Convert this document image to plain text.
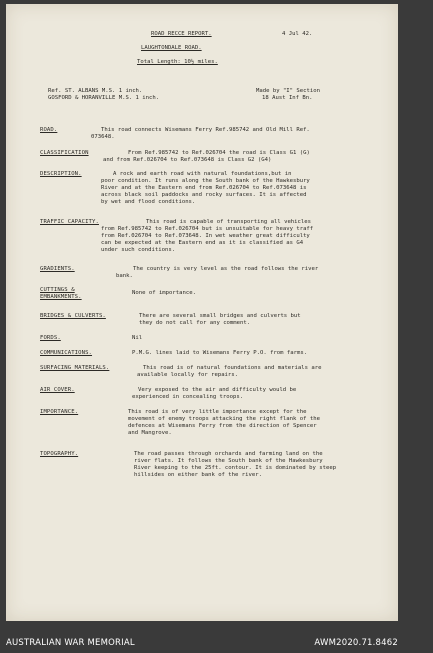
ROAD RECCE REPORT.	4 Jul 42.
LAUGHTONDALE ROAD.
Total Length: 10½ miles.
Ref. ST. ALBANS M.S. 1 inch.
GOSFORD & HORANVILLE M.S. 1 inch.
Made by "I" Section
18 Aust Inf Bn.
ROAD.	This road connects Wisemans Ferry Ref.985742 and Old Mill Ref.
073648.
CLASSIFICATION	From Ref.985742 to Ref.026704 the road is Class G1 (G)
and from Ref.026704 to Ref.073648 is Class G2 (G4)
DESCRIPTION.	A rock and earth road with natural foundations,but in
poor condition. It runs along the South bank of the Hawkesbury
River and at the Eastern end from Ref.026704 to Ref.073648 is
across black soil paddocks and rocky surfaces. It is affected
by wet and flood conditions.
TRAFFIC CAPACITY.	This road is capable of transporting all vehicles
from Ref.985742 to Ref.026704 but is unsuitable for heavy traff
from Ref.026704 to Ref.073648. In wet weather great difficulty
can be expected at the Eastern end as it is classified as G4
under such conditions.
GRADIENTS.	The country is very level as the road follows the river
bank.
CUTTINGS &
EMBANKMENTS.
None of importance.
BRIDGES & CULVERTS.	There are several small bridges and culverts but
they do not call for any comment.
FORDS.	Nil
COMMUNICATIONS.	P.M.G. lines laid to Wisemans Ferry P.O. from farms.
SURFACING MATERIALS.	This road is of natural foundations and materials are
available locally for repairs.
AIR COVER.	Very exposed to the air and difficulty would be
experienced in concealing troops.
IMPORTANCE.	This road is of very little importance except for the
movement of enemy troops attacking the right flank of the
defences at Wisemans Ferry from the direction of Spencer
and Mangrove.
TOPOGRAPHY.	The road passes through orchards and farming land on the
river flats. It follows the South bank of the Hawkesbury
River keeping to the 25ft. contour. It is dominated by steep
hillsides on either bank of the river.
AUSTRALIAN WAR MEMORIAL	AWM2020.71.8462
